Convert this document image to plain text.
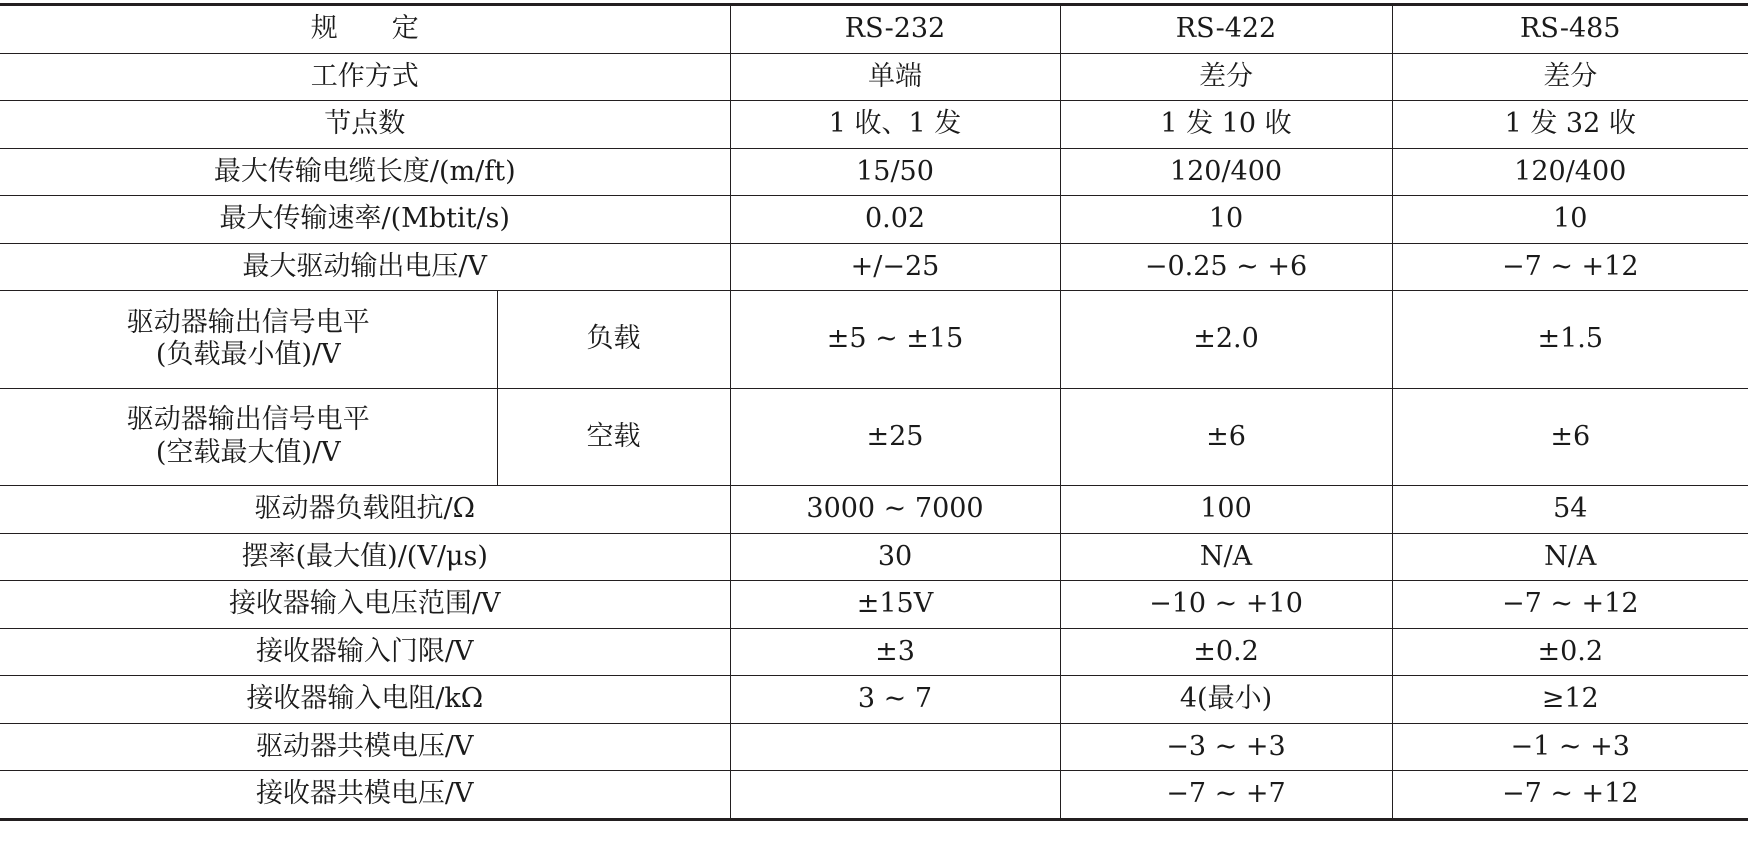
规　　定		RS-232	RS-422	RS-485
工作方式		单端	差分	差分
节点数		1 收、1 发	1 发 10 收	1 发 32 收
最大传输电缆长度/(m/ft)		15/50	120/400	120/400
最大传输速率/(Mbtit/s)		0.02	10	10
最大驱动输出电压/V		+/−25	−0.25 ~ +6	−7 ~ +12
驱动器输出信号电平
(负载最小值)/V	负载	±5 ~ ±15	±2.0	±1.5
驱动器输出信号电平
(空载最大值)/V	空载	±25	±6	±6
驱动器负载阻抗/Ω		3000 ~ 7000	100	54
摆率(最大值)/(V/μs)		30	N/A	N/A
接收器输入电压范围/V		±15V	−10 ~ +10	−7 ~ +12
接收器输入门限/V		±3	±0.2	±0.2
接收器输入电阻/kΩ		3 ~ 7	4(最小)	≥12
驱动器共模电压/V			−3 ~ +3	−1 ~ +3
接收器共模电压/V			−7 ~ +7	−7 ~ +12
